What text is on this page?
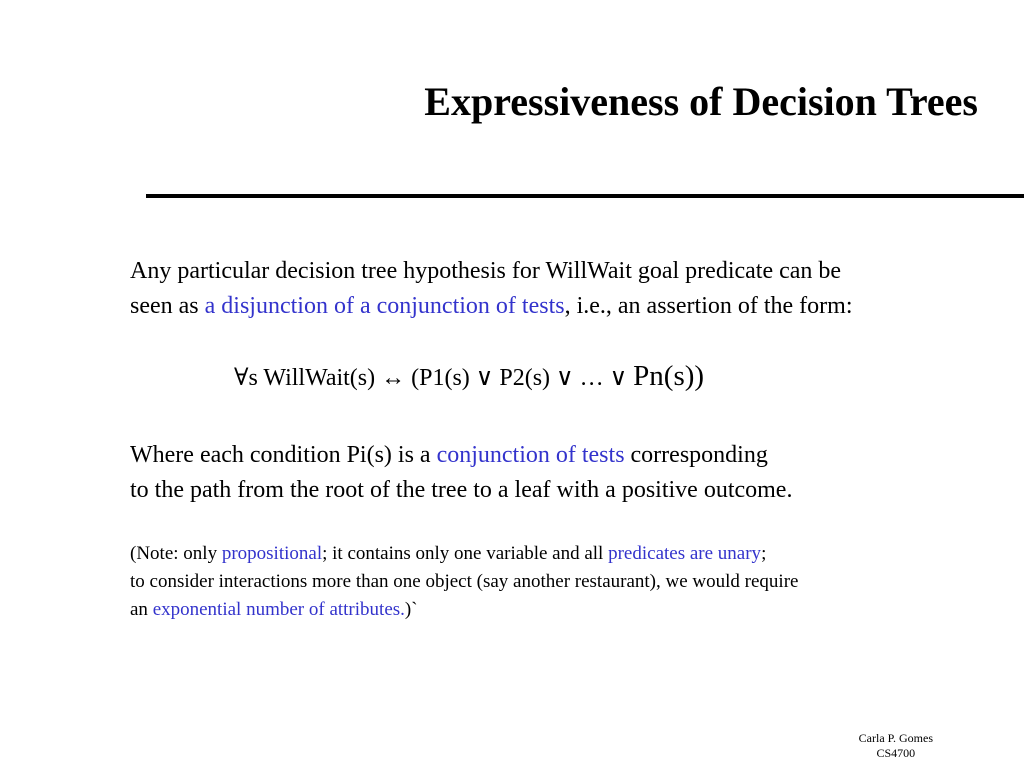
Expressiveness of Decision Trees
Any particular decision tree hypothesis for WillWait goal predicate can be
seen as a disjunction of a conjunction of tests, i.e., an assertion of the form:
∀s WillWait(s) ↔ (P1(s) ∨ P2(s) ∨ … ∨ Pn(s))
Where each condition Pi(s) is a conjunction of tests corresponding
to the path from the root of the tree to a leaf with a positive outcome.
(Note: only propositional; it contains only one variable and all predicates are unary;
to consider interactions more than one object (say another restaurant), we would require
an exponential number of attributes.)`
Carla P. Gomes
CS4700
